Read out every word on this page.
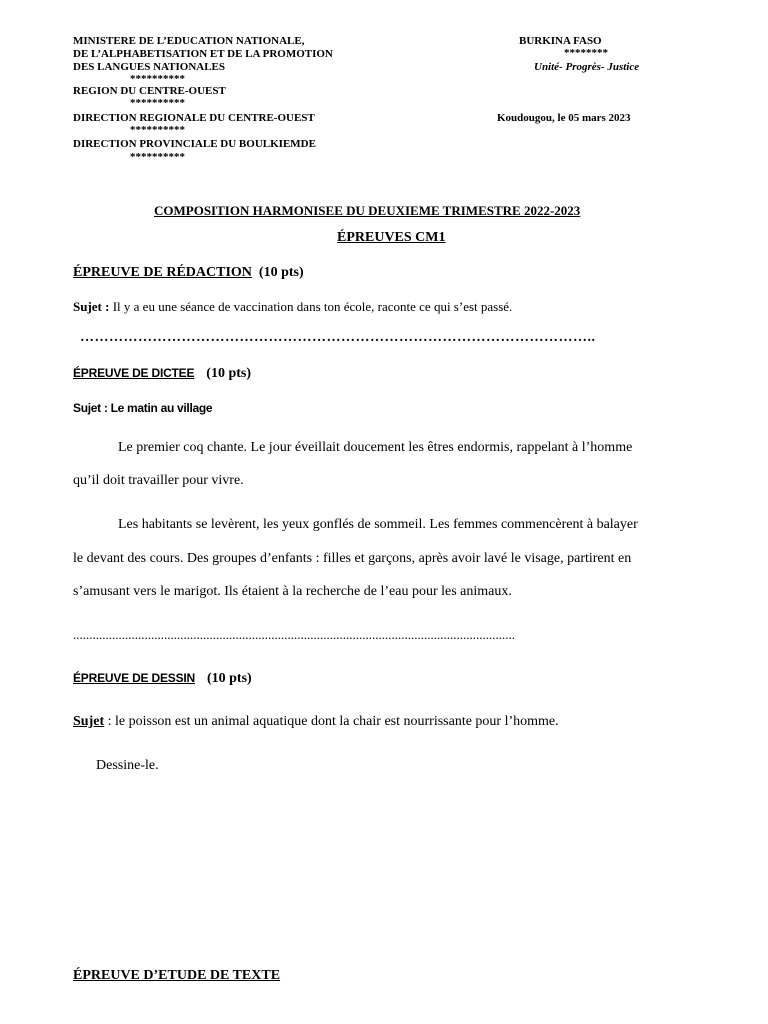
MINISTERE DE L’EDUCATION NATIONALE,
DE L’ALPHABETISATION ET DE LA PROMOTION
DES LANGUES NATIONALES
**********
REGION DU CENTRE-OUEST
**********
DIRECTION REGIONALE DU CENTRE-OUEST
**********
DIRECTION PROVINCIALE DU BOULKIEMDE
**********
BURKINA FASO
********
Unité- Progrès- Justice
Koudougou, le 05 mars 2023
COMPOSITION HARMONISEE DU DEUXIEME TRIMESTRE 2022-2023
ÉPREUVES CM1
ÉPREUVE DE RÉDACTION (10 pts)
Sujet : Il y a eu une séance de vaccination dans ton école, raconte ce qui s’est passé.
……………………………………………………………………………………………..
ÉPREUVE DE DICTEE (10 pts)
Sujet : Le matin au village
Le premier coq chante. Le jour éveillait doucement les êtres endormis, rappelant à l’homme
qu’il doit travailler pour vivre.
Les habitants se levèrent, les yeux gonflés de sommeil. Les femmes commencèrent à balayer
le devant des cours. Des groupes d’enfants : filles et garçons, après avoir lavé le visage, partirent en
s’amusant vers le marigot. Ils étaient à la recherche de l’eau pour les animaux.
........................................................................................................................................
ÉPREUVE DE DESSIN (10 pts)
Sujet : le poisson est un animal aquatique dont la chair est nourrissante pour l’homme.
Dessine-le.
ÉPREUVE D’ETUDE DE TEXTE
